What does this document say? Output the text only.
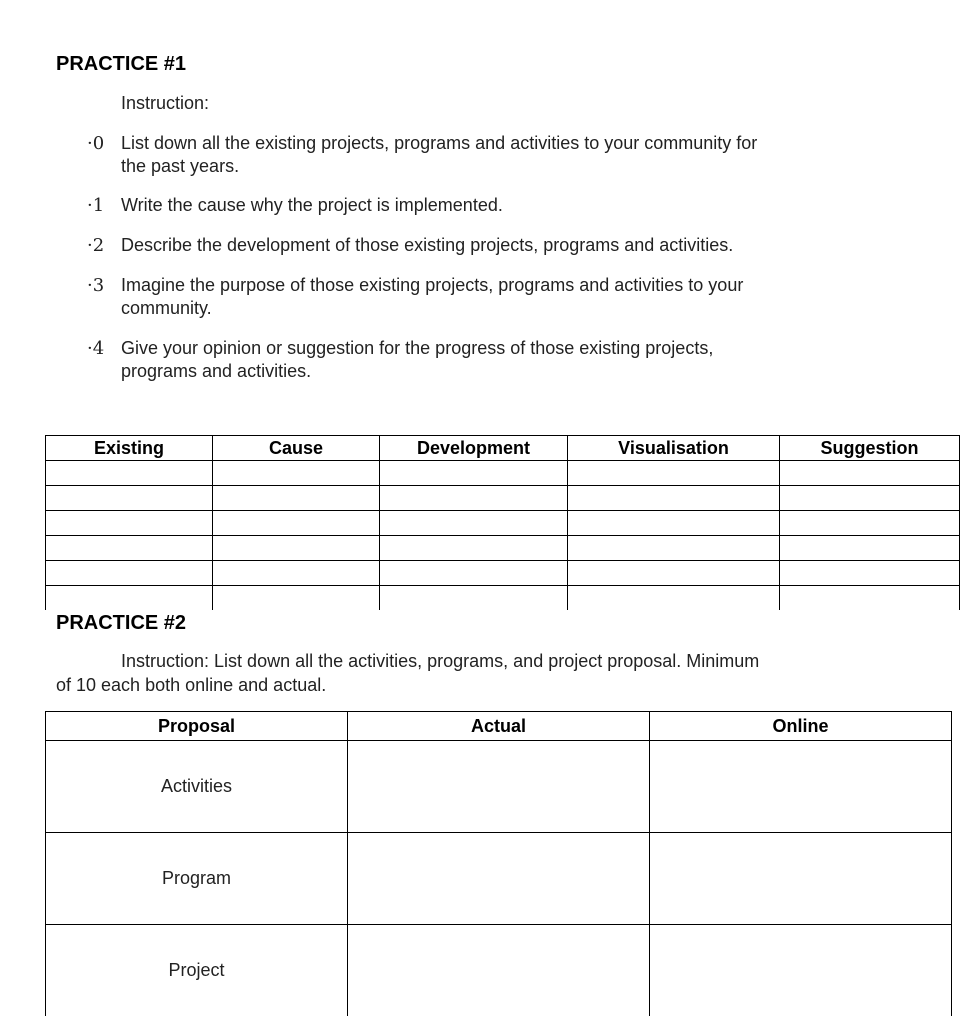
PRACTICE #1
Instruction:
·0 List down all the existing projects, programs and activities to your community for
the past years.
·1 Write the cause why the project is implemented.
·2 Describe the development of those existing projects, programs and activities.
·3 Imagine the purpose of those existing projects, programs and activities to your
community.
·4 Give your opinion or suggestion for the progress of those existing projects,
programs and activities.
Existing	Cause	Development	Visualisation	Suggestion

PRACTICE #2
Instruction: List down all the activities, programs, and project proposal. Minimum
of 10 each both online and actual.
Proposal	Actual	Online
Activities		
Program		
Project		
